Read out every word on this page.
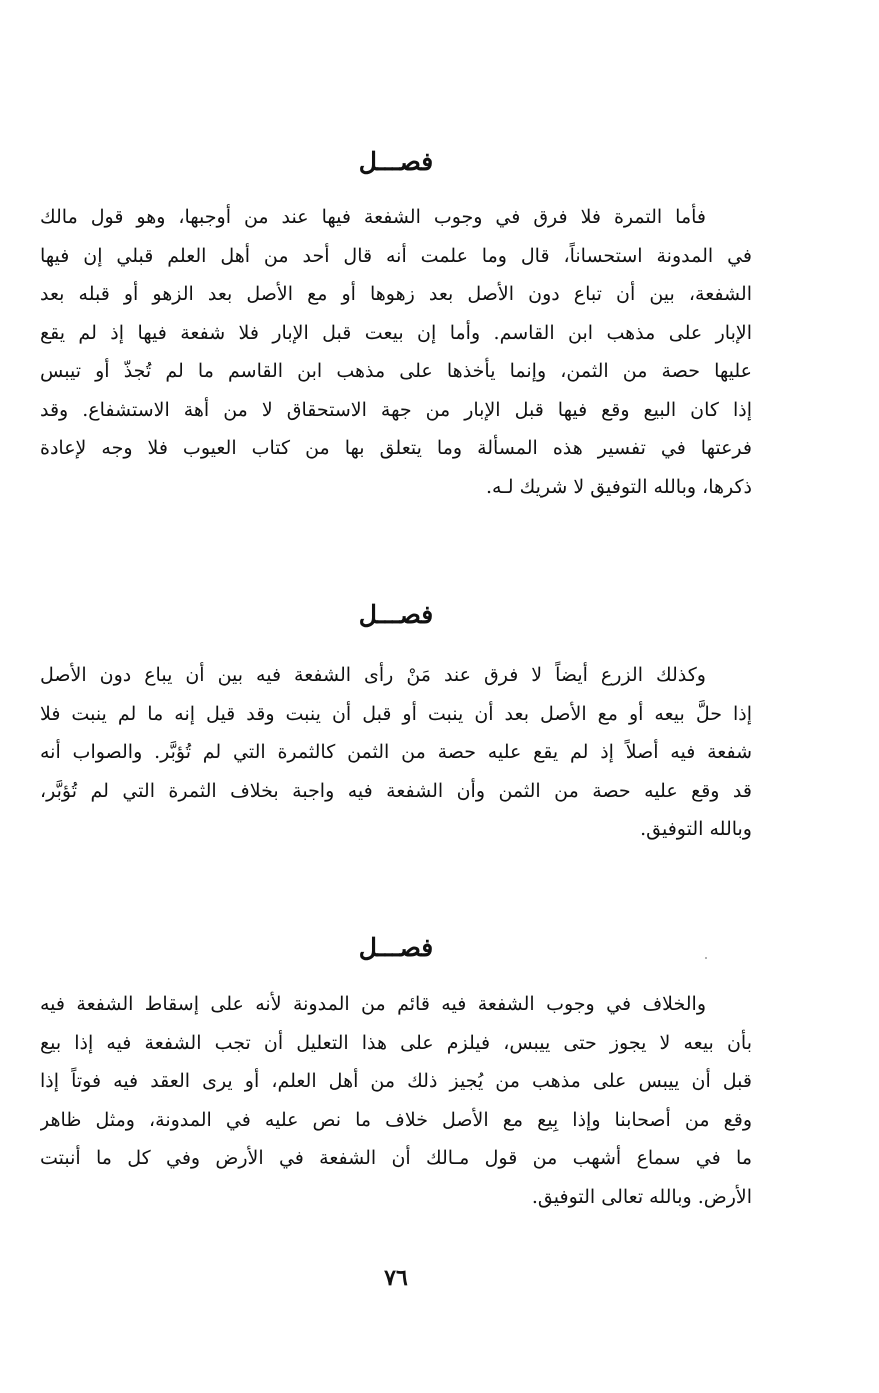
فصـــل
فأما التمرة فلا فرق في وجوب الشفعة فيها عند من أوجبها، وهو قول مالك
في المدونة استحساناً، قال وما علمت أنه قال أحد من أهل العلم قبلي إن فيها
الشفعة، بين أن تباع دون الأصل بعد زهوها أو مع الأصل بعد الزهو أو قبله بعد
الإبار على مذهب ابن القاسم. وأما إن بيعت قبل الإبار فلا شفعة فيها إذ لم يقع
عليها حصة من الثمن، وإنما يأخذها على مذهب ابن القاسم ما لم تُجذّ أو تيبس
إذا كان البيع وقع فيها قبل الإبار من جهة الاستحقاق لا من أهة الاستشفاع. وقد
فرعتها في تفسير هذه المسألة وما يتعلق بها من كتاب العيوب فلا وجه لإعادة
ذكرها، وبالله التوفيق لا شريك لـه.
فصـــل
وكذلك الزرع أيضاً لا فرق عند مَنْ رأى الشفعة فيه بين أن يباع دون الأصل
إذا حلَّ بيعه أو مع الأصل بعد أن ينبت أو قبل أن ينبت وقد قيل إنه ما لم ينبت فلا
شفعة فيه أصلاً إذ لم يقع عليه حصة من الثمن كالثمرة التي لم تُؤبَّر. والصواب أنه
قد وقع عليه حصة من الثمن وأن الشفعة فيه واجبة بخلاف الثمرة التي لم تُؤبَّر،
وبالله التوفيق.
فصـــل
والخلاف في وجوب الشفعة فيه قائم من المدونة لأنه على إسقاط الشفعة فيه
بأن بيعه لا يجوز حتى ييبس، فيلزم على هذا التعليل أن تجب الشفعة فيه إذا بيع
قبل أن ييبس على مذهب من يُجيز ذلك من أهل العلم، أو يرى العقد فيه فوتاً إذا
وقع من أصحابنا وإذا بِيع مع الأصل خلاف ما نص عليه في المدونة، ومثل ظاهر
ما في سماع أشهب من قول مـالك أن الشفعة في الأرض وفي كل ما أنبتت
الأرض. وبالله تعالى التوفيق.
٧٦
